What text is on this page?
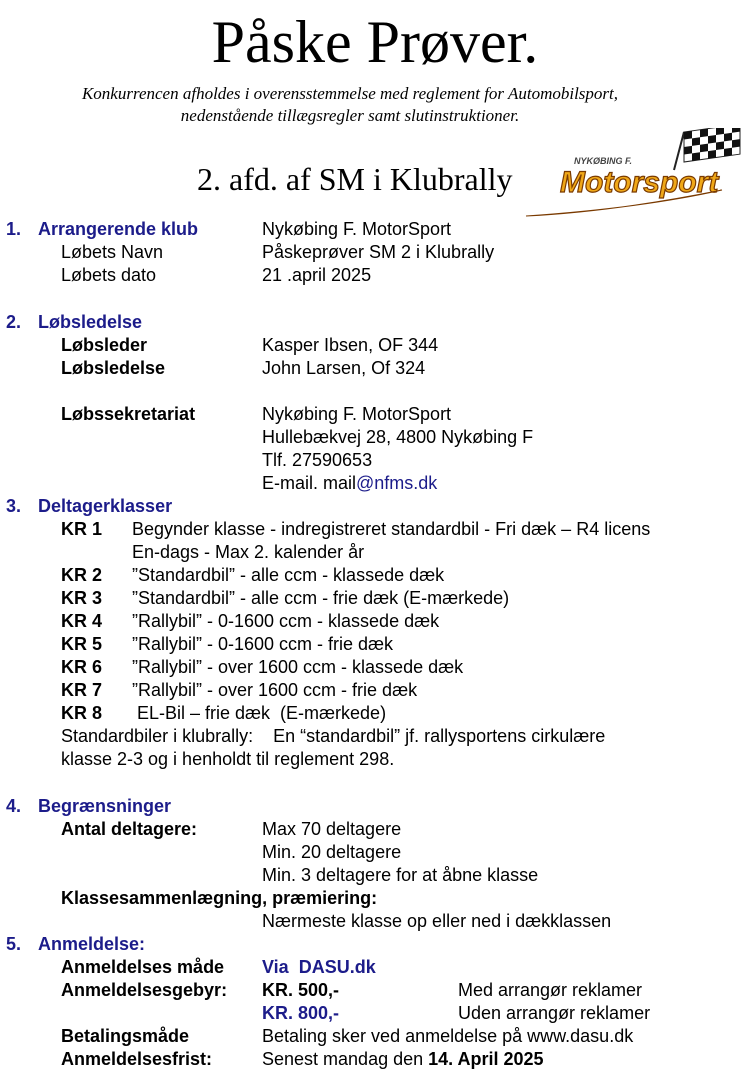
Påske Prøver.
Konkurrencen afholdes i overensstemmelse med reglement for Automobilsport,
nedenstående tillægsregler samt slutinstruktioner.
2. afd. af SM i Klubrally	NYKØBING F.
Motorsport
1. Arrangerende klub	Nykøbing F. MotorSport
Løbets Navn	Påskeprøver SM 2 i Klubrally
Løbets dato	21 .april 2025
2. Løbsledelse
Løbsleder	Kasper Ibsen, OF 344
Løbsledelse	John Larsen, Of 324
Løbssekretariat	Nykøbing F. MotorSport
Hullebækvej 28, 4800 Nykøbing F
Tlf. 27590653
E-mail. mail@nfms.dk
3. Deltagerklasser
KR 1 Begynder klasse - indregistreret standardbil - Fri dæk – R4 licens
En-dags - Max 2. kalender år
KR 2 ”Standardbil” - alle ccm - klassede dæk
KR 3 ”Standardbil” - alle ccm - frie dæk (E-mærkede)
KR 4 ”Rallybil” - 0-1600 ccm - klassede dæk
KR 5 ”Rallybil” - 0-1600 ccm - frie dæk
KR 6 ”Rallybil” - over 1600 ccm - klassede dæk
KR 7 ”Rallybil” - over 1600 ccm - frie dæk
KR 8 EL-Bil – frie dæk  (E-mærkede)
Standardbiler i klubrally:    En “standardbil” jf. rallysportens cirkulære
klasse 2-3 og i henholdt til reglement 298.
4. Begrænsninger
Antal deltagere:	Max 70 deltagere
Min. 20 deltagere
Min. 3 deltagere for at åbne klasse
Klassesammenlægning, præmiering:
Nærmeste klasse op eller ned i dækklassen
5. Anmeldelse:
Anmeldelses måde Via  DASU.dk
Anmeldelsesgebyr: KR. 500,-	Med arrangør reklamer
KR. 800,-	Uden arrangør reklamer
Betalingsmåde	Betaling sker ved anmeldelse på www.dasu.dk
Anmeldelsesfrist:	Senest mandag den 14. April 2025
